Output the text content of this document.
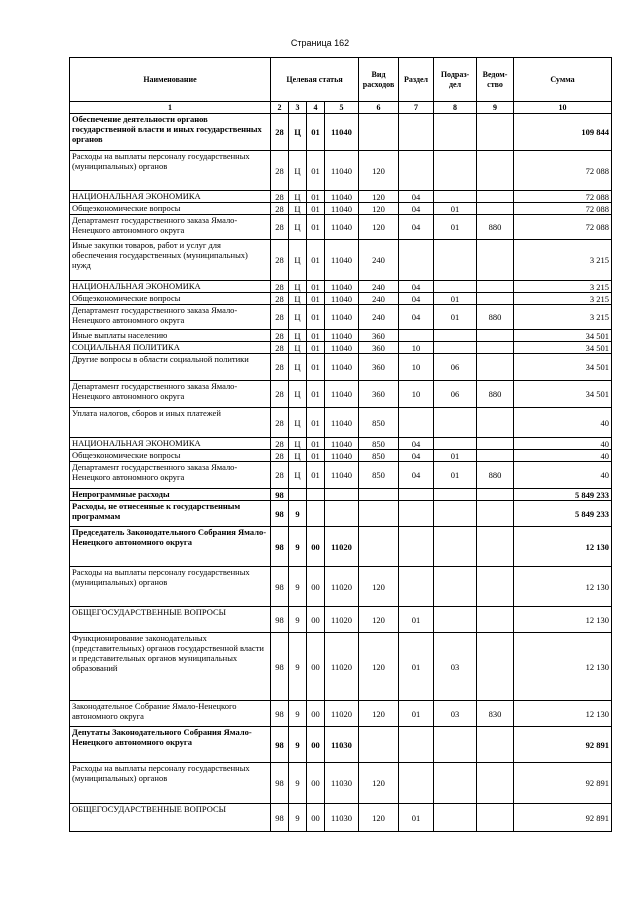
Страница 162
Наименование	Целевая статья				Вид расходов	Раздел	Подраз-дел	Ведом-ство	Сумма
1	2	3	4	5	6	7	8	9	10
Обеспечение деятельности органов государственной власти и иных государственных органов	28	Ц	01	11040					109 844
Расходы на выплаты персоналу государственных (муниципальных) органов	28	Ц	01	11040	120				72 088
НАЦИОНАЛЬНАЯ ЭКОНОМИКА	28	Ц	01	11040	120	04			72 088
Общеэкономические вопросы	28	Ц	01	11040	120	04	01		72 088
Департамент государственного заказа Ямало-Ненецкого автономного округа	28	Ц	01	11040	120	04	01	880	72 088
Иные закупки товаров, работ и услуг для обеспечения государственных (муниципальных) нужд	28	Ц	01	11040	240				3 215
НАЦИОНАЛЬНАЯ ЭКОНОМИКА	28	Ц	01	11040	240	04			3 215
Общеэкономические вопросы	28	Ц	01	11040	240	04	01		3 215
Департамент государственного заказа Ямало-Ненецкого автономного округа	28	Ц	01	11040	240	04	01	880	3 215
Иные выплаты населению	28	Ц	01	11040	360				34 501
СОЦИАЛЬНАЯ ПОЛИТИКА	28	Ц	01	11040	360	10			34 501
Другие вопросы в области социальной политики	28	Ц	01	11040	360	10	06		34 501
Департамент государственного заказа Ямало-Ненецкого автономного округа	28	Ц	01	11040	360	10	06	880	34 501
Уплата налогов, сборов и иных платежей	28	Ц	01	11040	850				40
НАЦИОНАЛЬНАЯ ЭКОНОМИКА	28	Ц	01	11040	850	04			40
Общеэкономические вопросы	28	Ц	01	11040	850	04	01		40
Департамент государственного заказа Ямало-Ненецкого автономного округа	28	Ц	01	11040	850	04	01	880	40
Непрограммные расходы	98								5 849 233
Расходы, не отнесенные к государственным программам	98	9							5 849 233
Председатель Законодательного Собрания Ямало-Ненецкого автономного округа	98	9	00	11020					12 130
Расходы на выплаты персоналу государственных (муниципальных) органов	98	9	00	11020	120				12 130
ОБЩЕГОСУДАРСТВЕННЫЕ ВОПРОСЫ	98	9	00	11020	120	01			12 130
Функционирование законодательных (представительных) органов государственной власти и представительных органов муниципальных образований	98	9	00	11020	120	01	03		12 130
Законодательное Собрание Ямало-Ненецкого автономного округа	98	9	00	11020	120	01	03	830	12 130
Депутаты Законодательного Собрания Ямало-Ненецкого автономного округа	98	9	00	11030					92 891
Расходы на выплаты персоналу государственных (муниципальных) органов	98	9	00	11030	120				92 891
ОБЩЕГОСУДАРСТВЕННЫЕ ВОПРОСЫ	98	9	00	11030	120	01			92 891
